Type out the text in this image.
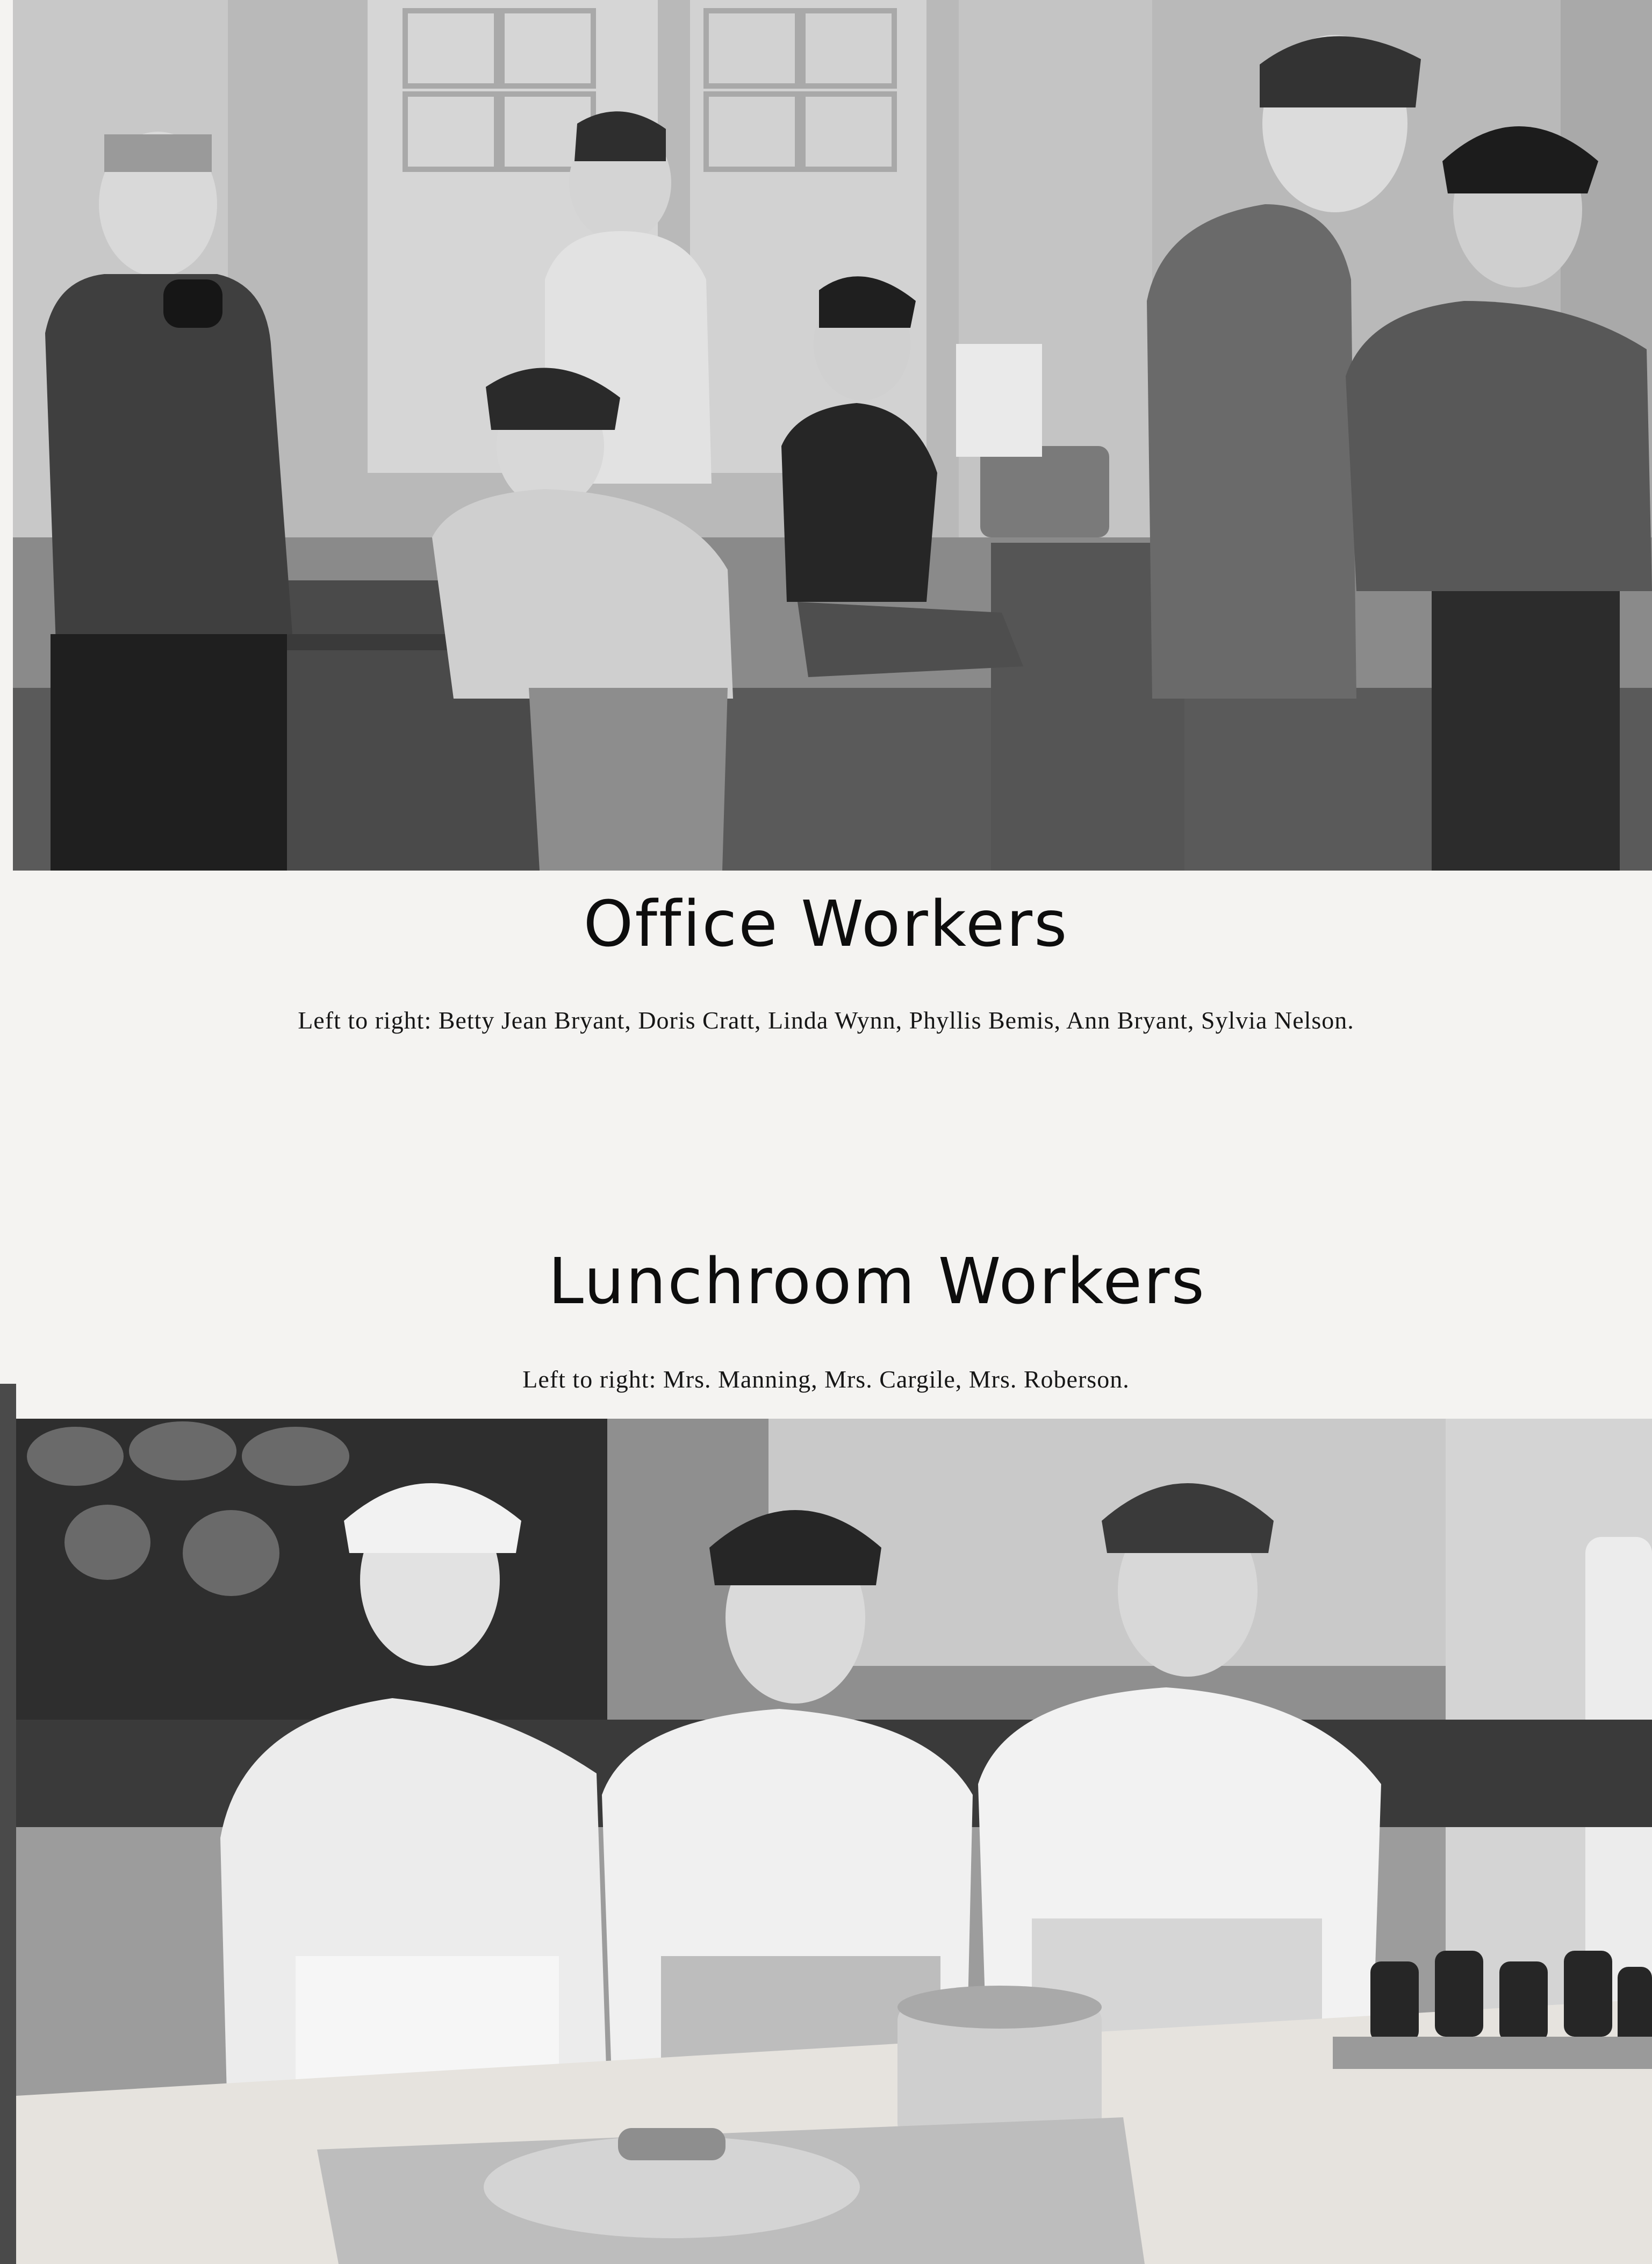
Office Workers

Left to right: Betty Jean Bryant, Doris Cratt, Linda Wynn, Phyllis Bemis, Ann Bryant, Sylvia Nelson.

Lunchroom Workers

Left to right: Mrs. Manning, Mrs. Cargile, Mrs. Roberson.
